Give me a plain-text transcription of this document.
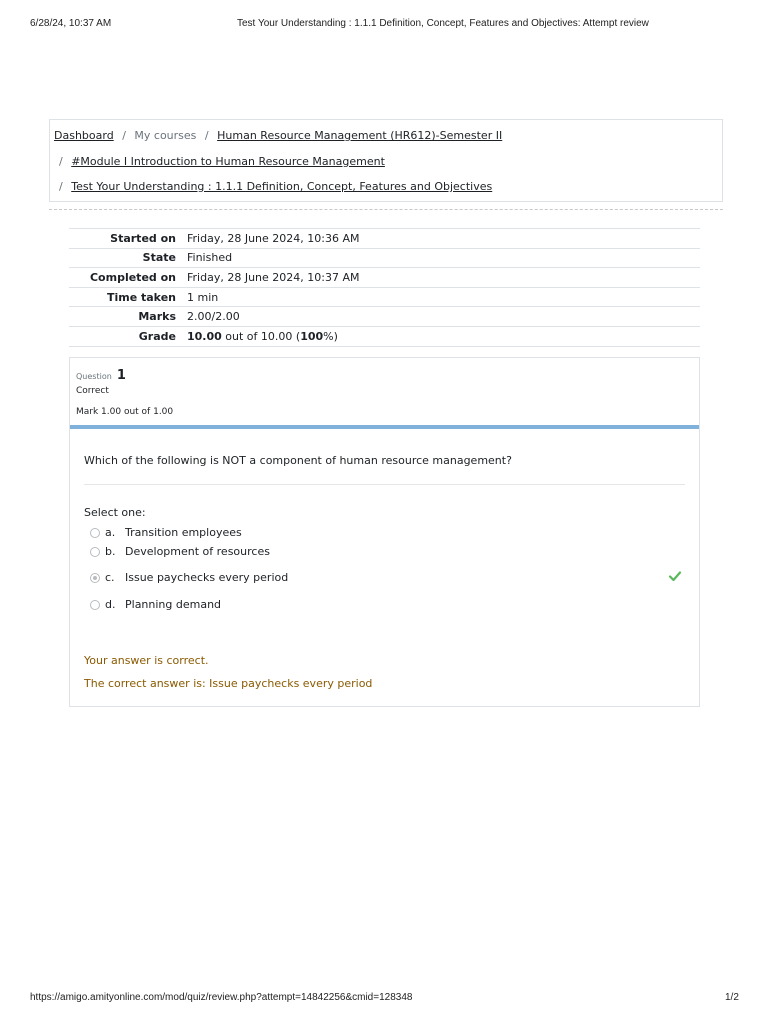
6/28/24, 10:37 AM	Test Your Understanding : 1.1.1 Definition, Concept, Features and Objectives: Attempt review
Dashboard / My courses / Human Resource Management (HR612)-Semester II
/ #Module I Introduction to Human Resource Management
/ Test Your Understanding : 1.1.1 Definition, Concept, Features and Objectives
Started on	Friday, 28 June 2024, 10:36 AM
State	Finished
Completed on	Friday, 28 June 2024, 10:37 AM
Time taken	1 min
Marks	2.00/2.00
Grade	10.00 out of 10.00 (100%)
Question 1
Correct
Mark 1.00 out of 1.00
Which of the following is NOT a component of human resource management?
Select one:
a. Transition employees
b. Development of resources
c. Issue paychecks every period
d. Planning demand
Your answer is correct.
The correct answer is: Issue paychecks every period
https://amigo.amityonline.com/mod/quiz/review.php?attempt=14842256&cmid=128348	1/2
